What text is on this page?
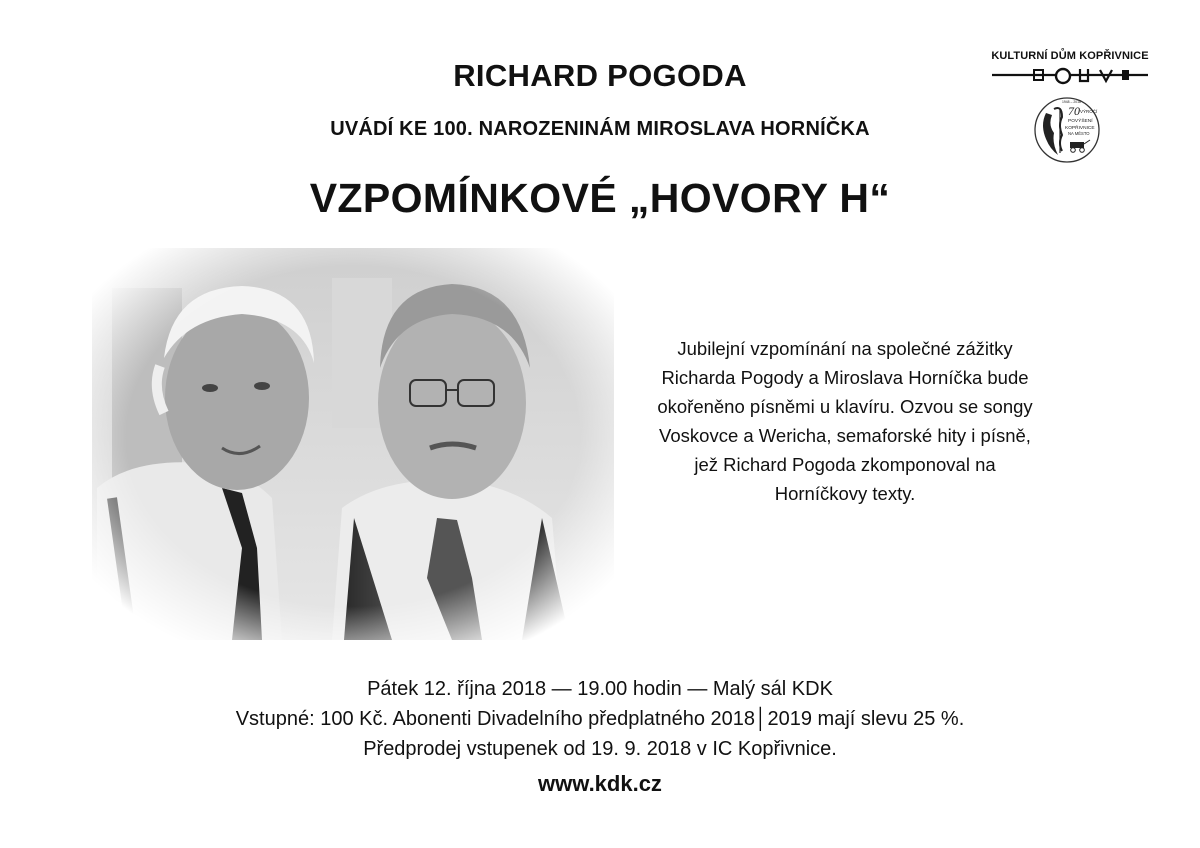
RICHARD POGODA
UVÁDÍ KE 100. NAROZENINÁM MIROSLAVA HORNÍČKA
VZPOMÍNKOVÉ „HOVORY H“
KULTURNÍ DŮM KOPŘIVNICE
70 VÝROČÍ
POVÝŠENÍ
KOPŘIVNICE
NA MĚSTO
1948 – 2018
Jubilejní vzpomínání na společné zážitky
Richarda Pogody a Miroslava Horníčka bude
okořeněno písněmi u klavíru. Ozvou se songy
Voskovce a Wericha, semaforské hity i písně,
jež Richard Pogoda zkomponoval na
Horníčkovy texty.
Pátek 12. října 2018 — 19.00 hodin — Malý sál KDK
Vstupné: 100 Kč. Abonenti Divadelního předplatného 2018│2019 mají slevu 25 %.
Předprodej vstupenek od 19. 9. 2018 v IC Kopřivnice.
www.kdk.cz
